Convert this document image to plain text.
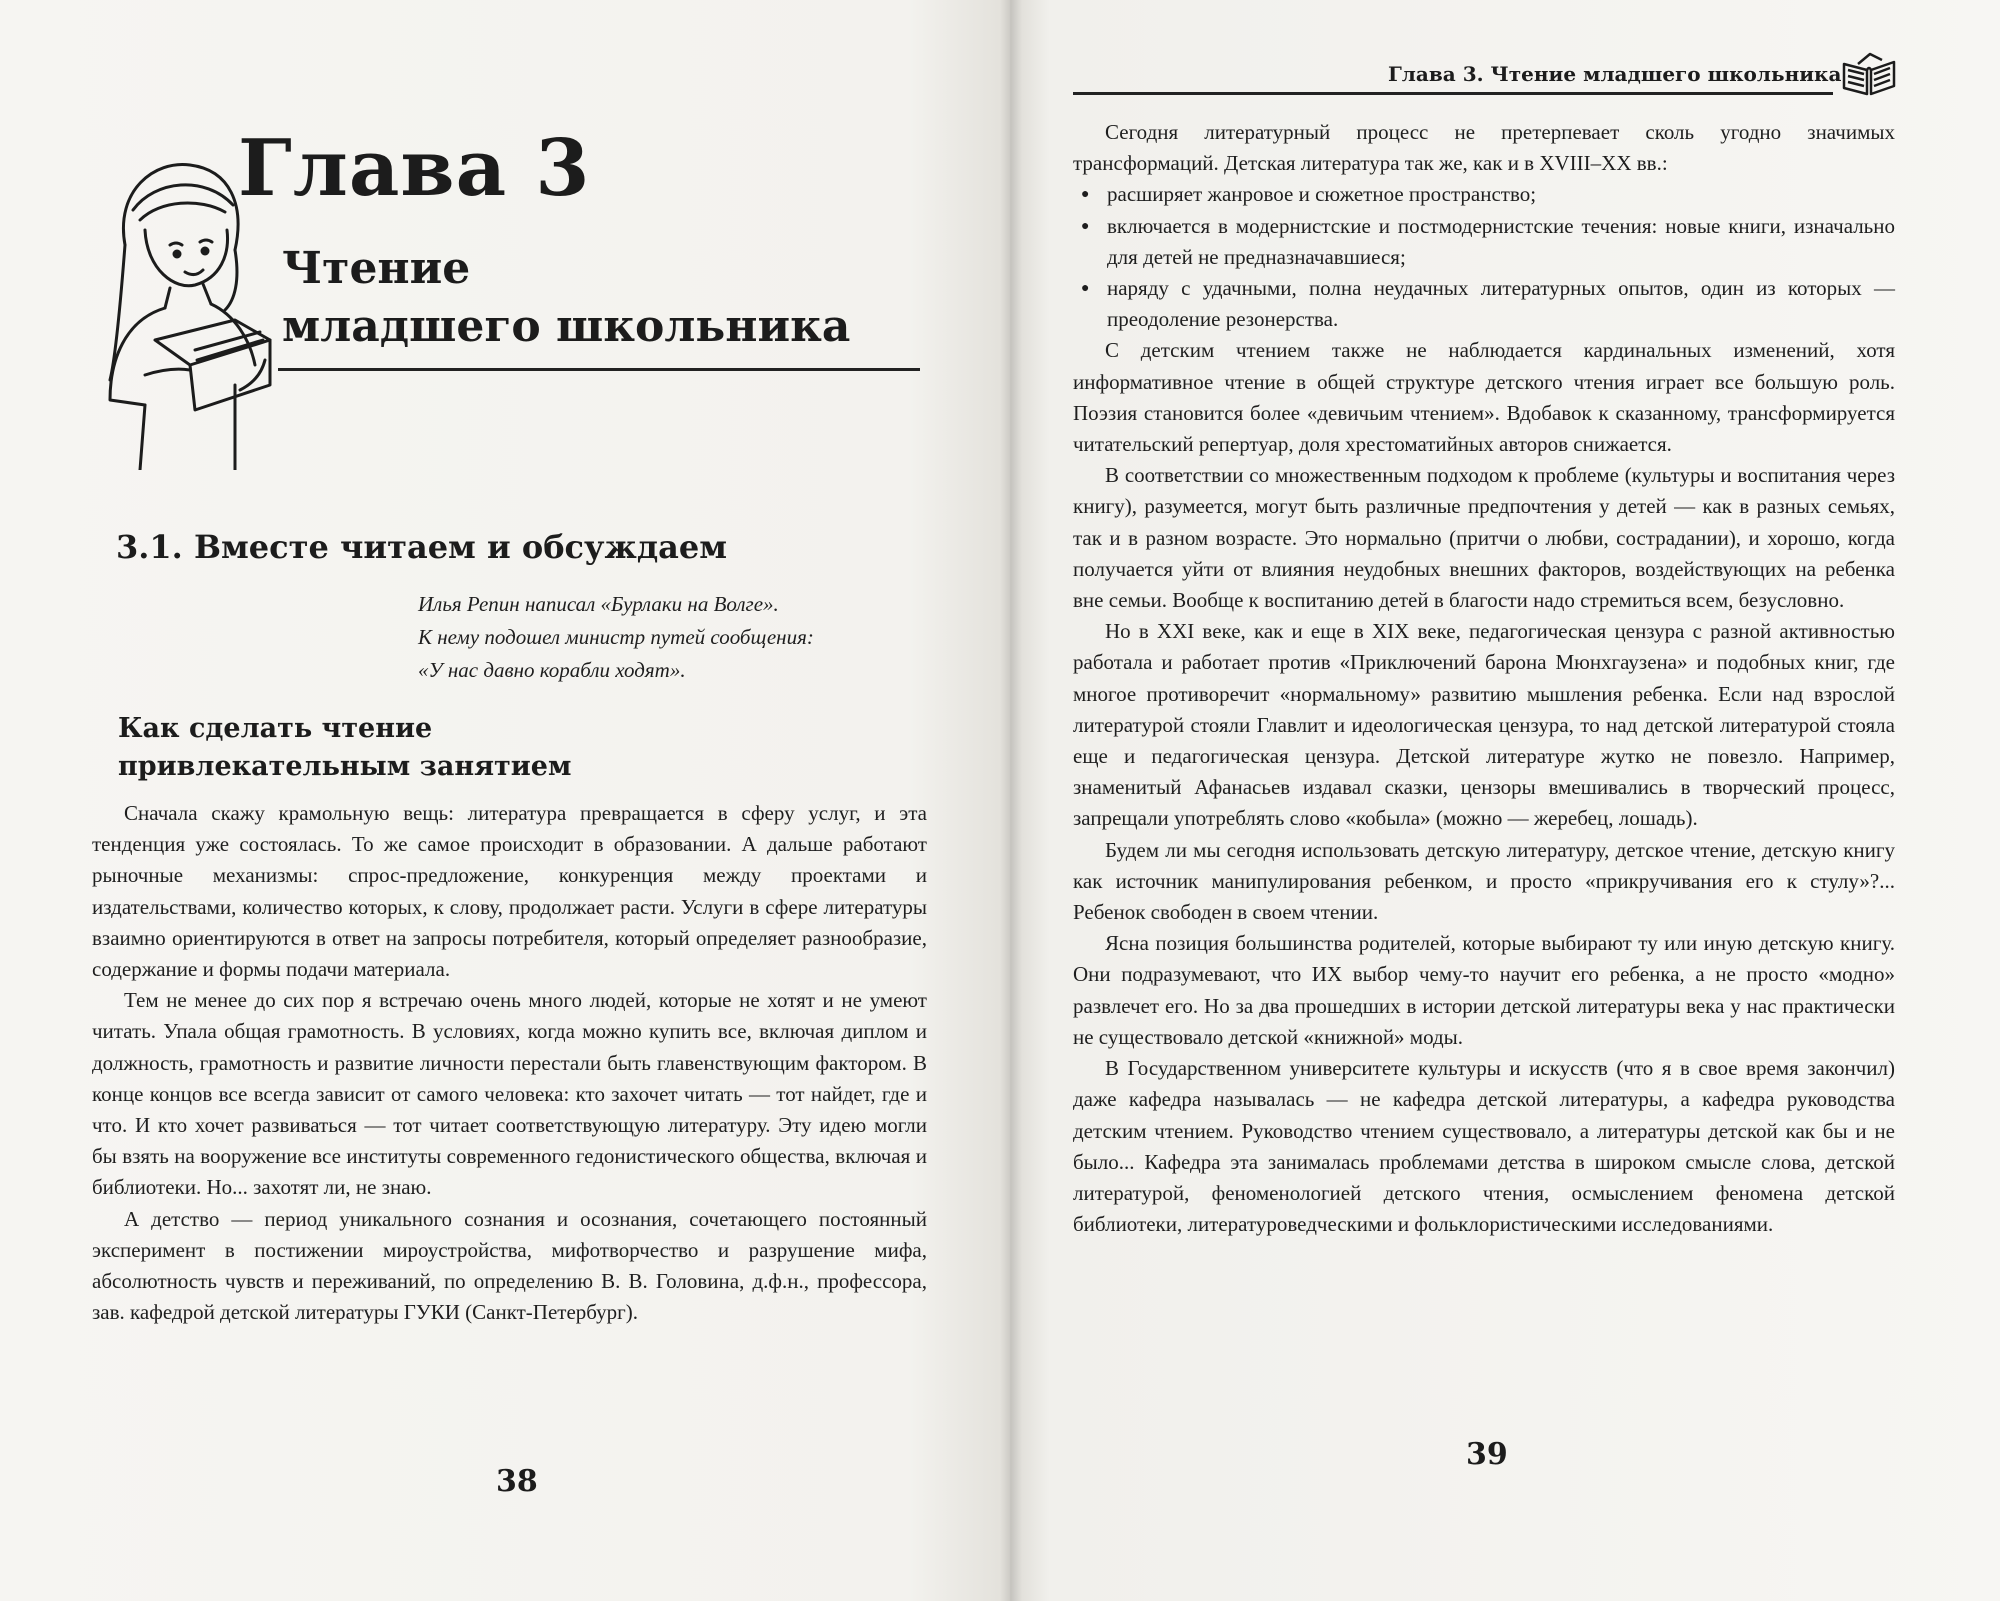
Глава 3
Чтение
младшего школьника
3.1. Вместе читаем и обсуждаем
Илья Репин написал «Бурлаки на Волге».
К нему подошел министр путей сообщения:
«У нас давно корабли ходят».
Как сделать чтение
привлекательным занятием

Сначала скажу крамольную вещь: литература превращается в сферу услуг, и эта тенденция уже состоялась. То же самое происходит в образовании. А дальше работают рыночные механизмы: спрос-предложение, конкуренция между проектами и издательствами, количество которых, к слову, продолжает расти. Услуги в сфере литературы взаимно ориентируются в ответ на запросы потребителя, который определяет разнообразие, содержание и формы подачи материала.

Тем не менее до сих пор я встречаю очень много людей, которые не хотят и не умеют читать. Упала общая грамотность. В условиях, когда можно купить все, включая диплом и должность, грамотность и развитие личности перестали быть главенствующим фактором. В конце концов все всегда зависит от самого человека: кто захочет читать — тот найдет, где и что. И кто хочет развиваться — тот читает соответствующую литературу. Эту идею могли бы взять на вооружение все институты современного гедонистического общества, включая и библиотеки. Но... захотят ли, не знаю.

А детство — период уникального сознания и осознания, сочетающего постоянный эксперимент в постижении мироустройства, мифотворчество и разрушение мифа, абсолютность чувств и переживаний, по определению В. В. Головина, д.ф.н., профессора, зав. кафедрой детской литературы ГУКИ (Санкт-Петербург).

38
Глава 3. Чтение младшего школьника

Сегодня литературный процесс не претерпевает сколь угодно значимых трансформаций. Детская литература так же, как и в XVIII–XX вв.:

● расширяет жанровое и сюжетное пространство;
● включается в модернистские и постмодернистские течения: новые книги, изначально для детей не предназначавшиеся;
● наряду с удачными, полна неудачных литературных опытов, один из которых — преодоление резонерства.

С детским чтением также не наблюдается кардинальных изменений, хотя информативное чтение в общей структуре детского чтения играет все большую роль. Поэзия становится более «девичьим чтением». Вдобавок к сказанному, трансформируется читательский репертуар, доля хрестоматийных авторов снижается.

В соответствии со множественным подходом к проблеме (культуры и воспитания через книгу), разумеется, могут быть различные предпочтения у детей — как в разных семьях, так и в разном возрасте. Это нормально (притчи о любви, сострадании), и хорошо, когда получается уйти от влияния неудобных внешних факторов, воздействующих на ребенка вне семьи. Вообще к воспитанию детей в благости надо стремиться всем, безусловно.

Но в XXI веке, как и еще в XIX веке, педагогическая цензура с разной активностью работала и работает против «Приключений барона Мюнхгаузена» и подобных книг, где многое противоречит «нормальному» развитию мышления ребенка. Если над взрослой литературой стояли Главлит и идеологическая цензура, то над детской литературой стояла еще и педагогическая цензура. Детской литературе жутко не повезло. Например, знаменитый Афанасьев издавал сказки, цензоры вмешивались в творческий процесс, запрещали употреблять слово «кобыла» (можно — жеребец, лошадь).

Будем ли мы сегодня использовать детскую литературу, детское чтение, детскую книгу как источник манипулирования ребенком, и просто «прикручивания его к стулу»?... Ребенок свободен в своем чтении.

Ясна позиция большинства родителей, которые выбирают ту или иную детскую книгу. Они подразумевают, что ИХ выбор чему-то научит его ребенка, а не просто «модно» развлечет его. Но за два прошедших в истории детской литературы века у нас практически не существовало детской «книжной» моды.

В Государственном университете культуры и искусств (что я в свое время закончил) даже кафедра называлась — не кафедра детской литературы, а кафедра руководства детским чтением. Руководство чтением существовало, а литературы детской как бы и не было... Кафедра эта занималась проблемами детства в широком смысле слова, детской литературой, феноменологией детского чтения, осмыслением феномена детской библиотеки, литературоведческими и фольклористическими исследованиями.

39
